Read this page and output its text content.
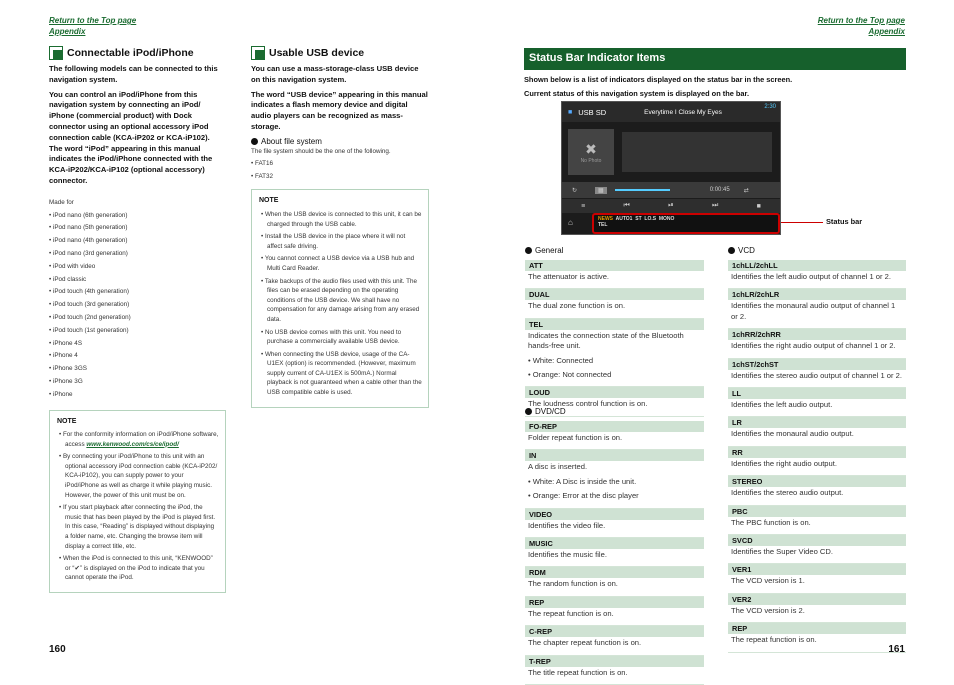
Return to the Top page
Appendix
Return to the Top page
Appendix
Connectable iPod/iPhone
The following models can be connected to this navigation system.
You can control an iPod/iPhone from this navigation system by connecting an iPod/ iPhone (commercial product) with Dock connector using an optional accessory iPod connection cable (KCA-iP202 or KCA-iP102). The word “iPod” appearing in this manual indicates the iPod/iPhone connected with the KCA-iP202/KCA-iP102 (optional accessory) connector.
Made for
• iPod nano (6th generation)
• iPod nano (5th generation)
• iPod nano (4th generation)
• iPod nano (3rd generation)
• iPod with video
• iPod classic
• iPod touch (4th generation)
• iPod touch (3rd generation)
• iPod touch (2nd generation)
• iPod touch (1st generation)
• iPhone 4S
• iPhone 4
• iPhone 3GS
• iPhone 3G
• iPhone
NOTE
• For the conformity information on iPod/iPhone software, access www.kenwood.com/cs/ce/ipod/
• By connecting your iPod/iPhone to this unit with an optional accessory iPod connection cable (KCA-iP202/ KCA-iP102), you can supply power to your iPod/iPhone as well as charge it while playing music. However, the power of this unit must be on.
• If you start playback after connecting the iPod, the music that has been played by the iPod is played first. In this case, “Reading” is displayed without displaying a folder name, etc. Changing the browse item will display a correct title, etc.
• When the iPod is connected to this unit, “KENWOOD” or “✔” is displayed on the iPod to indicate that you cannot operate the iPod.
Usable USB device
You can use a mass-storage-class USB device on this navigation system.
The word “USB device” appearing in this manual indicates a flash memory device and digital audio players can be recognized as mass-storage.
About file system
The file system should be the one of the following.
• FAT16
• FAT32
NOTE
• When the USB device is connected to this unit, it can be charged through the USB cable.
• Install the USB device in the place where it will not affect safe driving.
• You cannot connect a USB device via a USB hub and Multi Card Reader.
• Take backups of the audio files used with this unit. The files can be erased depending on the operating conditions of the USB device. We shall have no compensation for any damage arising from any erased data.
• No USB device comes with this unit. You need to purchase a commercially available USB device.
• When connecting the USB device, usage of the CA-U1EX (option) is recommended. (However, maximum supply current of CA-U1EX is 500mA.) Normal playback is not guaranteed when a cable other than the USB compatible cable is used.
Status Bar Indicator Items
Shown below is a list of indicators displayed on the status bar in the screen.
Current status of this navigation system is displayed on the bar.
■ USB SD	Everytime I Close My Eyes
2:30
✖
No Photo
↻	▦	0:00:45 ⇄
≡	⏮	⏯	⏭	■
NEWS AUTO1 ST LO.S MONO
TEL
⌂	Status bar
General
ATT
The attenuator is active.
DUAL
The dual zone function is on.
TEL
Indicates the connection state of the Bluetooth hands-free unit.
• White: Connected
• Orange: Not connected
LOUD
The loudness control function is on.
DVD/CD
FO-REP
Folder repeat function is on.
IN
A disc is inserted.
• White: A Disc is inside the unit.
• Orange: Error at the disc player
VIDEO
Identifies the video file.
MUSIC
Identifies the music file.
RDM
The random function is on.
REP
The repeat function is on.
C-REP
The chapter repeat function is on.
T-REP
The title repeat function is on.
VCD
1chLL/2chLL
Identifies the left audio output of channel 1 or 2.
1chLR/2chLR
Identifies the monaural audio output of channel 1 or 2.
1chRR/2chRR
Identifies the right audio output of channel 1 or 2.
1chST/2chST
Identifies the stereo audio output of channel 1 or 2.
LL
Identifies the left audio output.
LR
Identifies the monaural audio output.
RR
Identifies the right audio output.
STEREO
Identifies the stereo audio output.
PBC
The PBC function is on.
SVCD
Identifies the Super Video CD.
VER1
The VCD version is 1.
VER2
The VCD version is 2.
REP
The repeat function is on.
160	161
